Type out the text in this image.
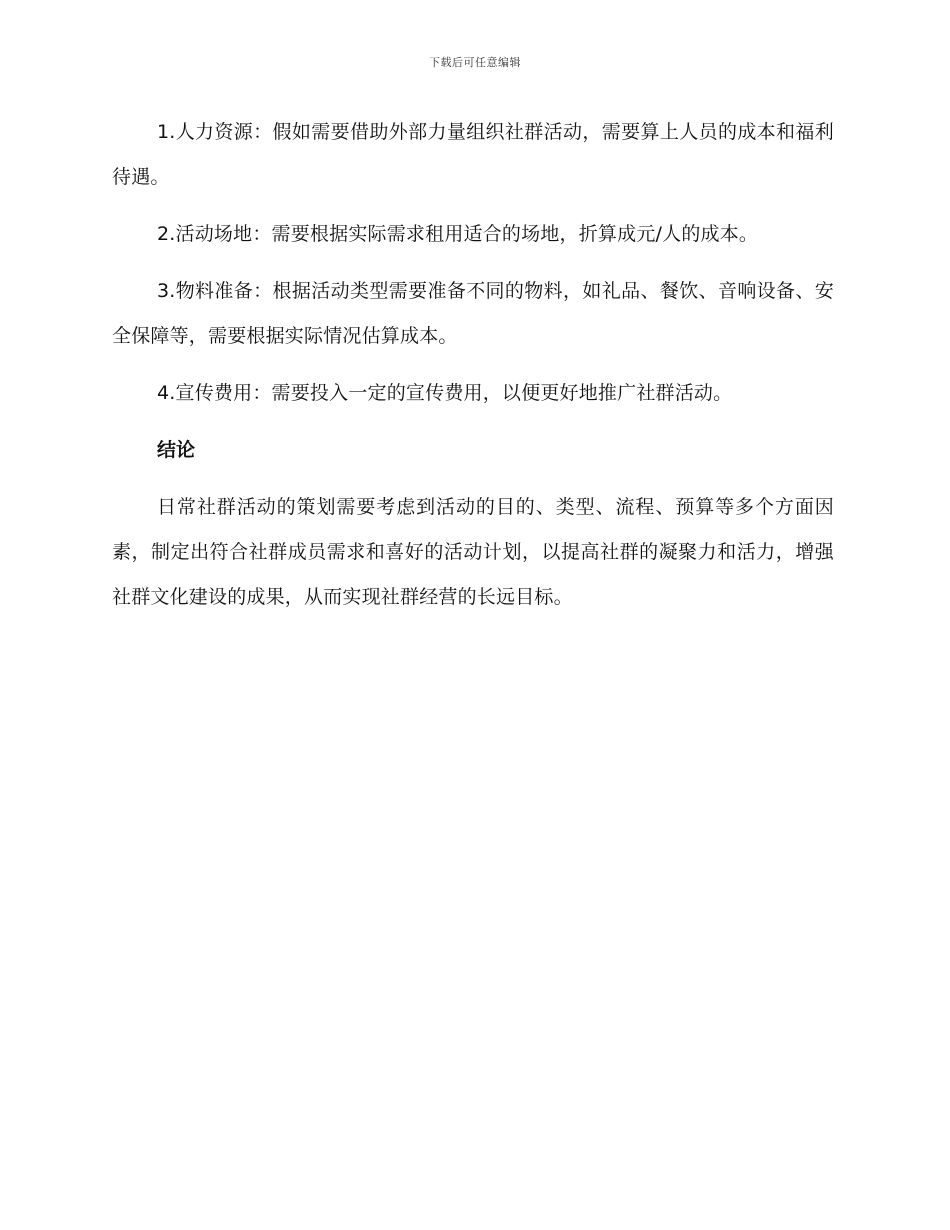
下载后可任意编辑

1.人力资源：假如需要借助外部力量组织社群活动，需要算上人员的成本和福利待遇。

2.活动场地：需要根据实际需求租用适合的场地，折算成元/人的成本。

3.物料准备：根据活动类型需要准备不同的物料，如礼品、餐饮、音响设备、安全保障等，需要根据实际情况估算成本。

4.宣传费用：需要投入一定的宣传费用，以便更好地推广社群活动。

结论

日常社群活动的策划需要考虑到活动的目的、类型、流程、预算等多个方面因素，制定出符合社群成员需求和喜好的活动计划，以提高社群的凝聚力和活力，增强社群文化建设的成果，从而实现社群经营的长远目标。
